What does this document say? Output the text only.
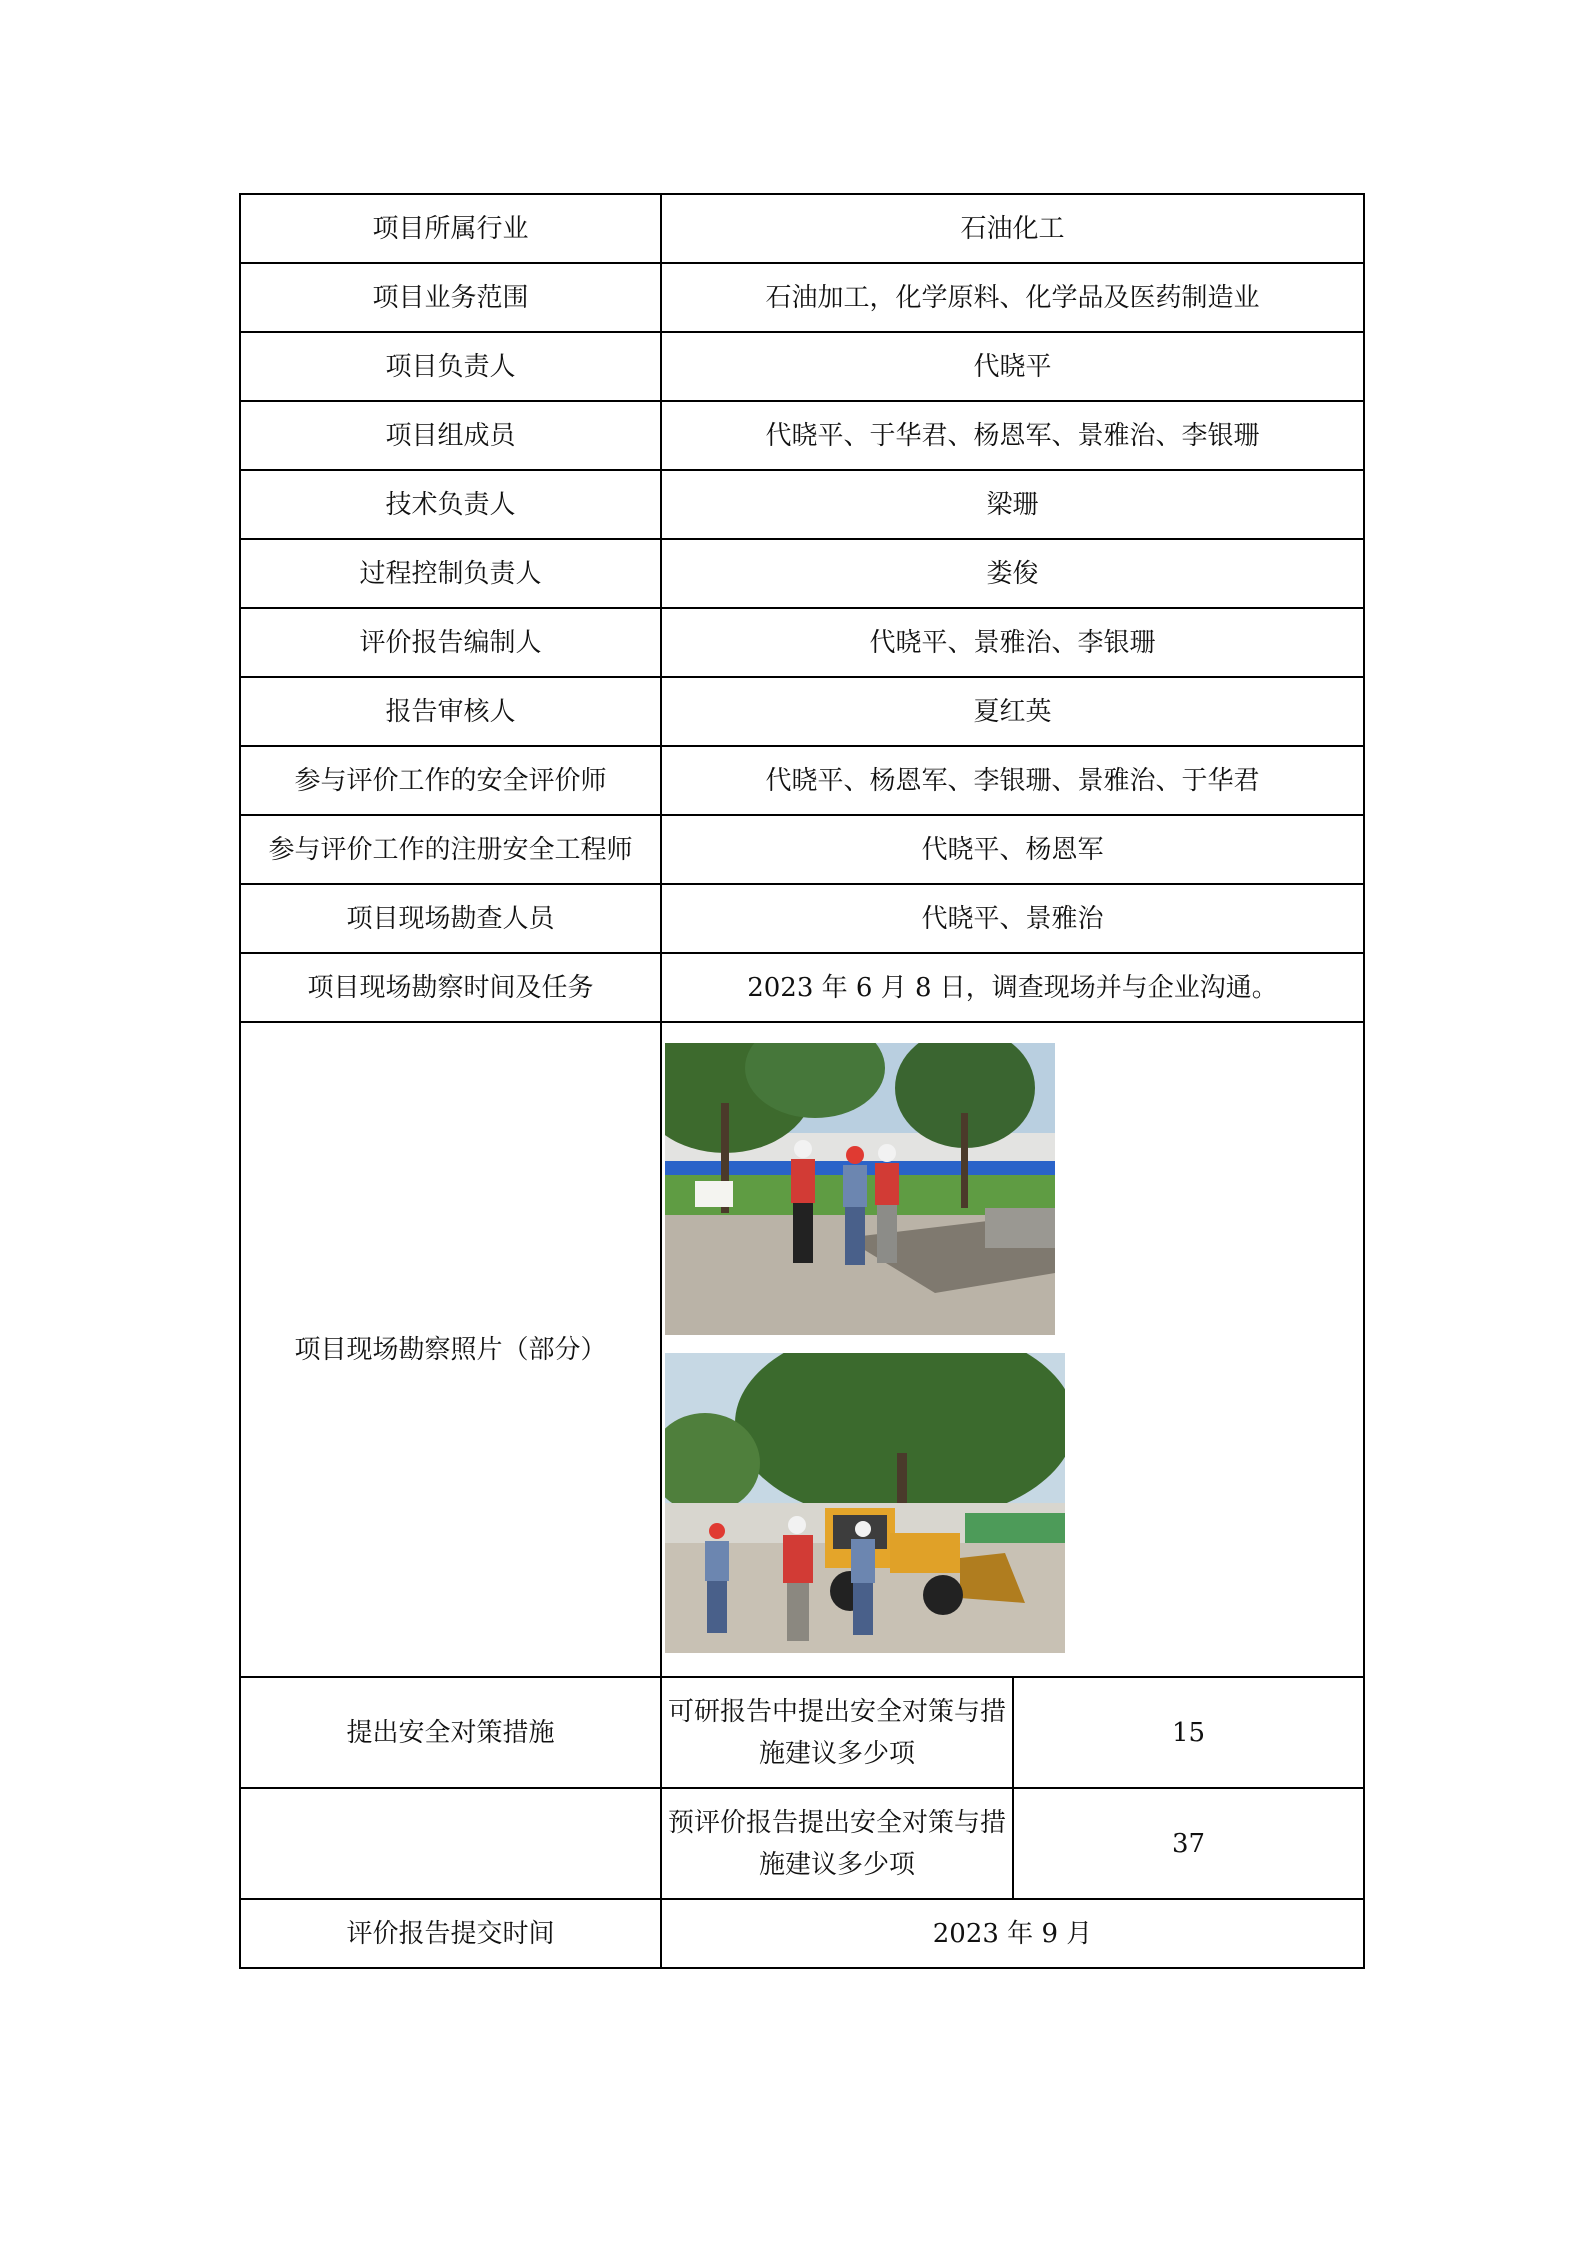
项目所属行业	石油化工	
项目业务范围	石油加工，化学原料、化学品及医药制造业	
项目负责人	代晓平	
项目组成员	代晓平、于华君、杨恩军、景雅治、李银珊	
技术负责人	梁珊	
过程控制负责人	娄俊	
评价报告编制人	代晓平、景雅治、李银珊	
报告审核人	夏红英	
参与评价工作的安全评价师	代晓平、杨恩军、李银珊、景雅治、于华君	
参与评价工作的注册安全工程师	代晓平、杨恩军	
项目现场勘查人员	代晓平、景雅治	
项目现场勘察时间及任务	2023 年 6 月 8 日，调查现场并与企业沟通。	
项目现场勘察照片（部分）	

提出安全对策措施	可研报告中提出安全对策与措施建议多少项	15
	预评价报告提出安全对策与措施建议多少项	37
评价报告提交时间	2023 年 9 月	
